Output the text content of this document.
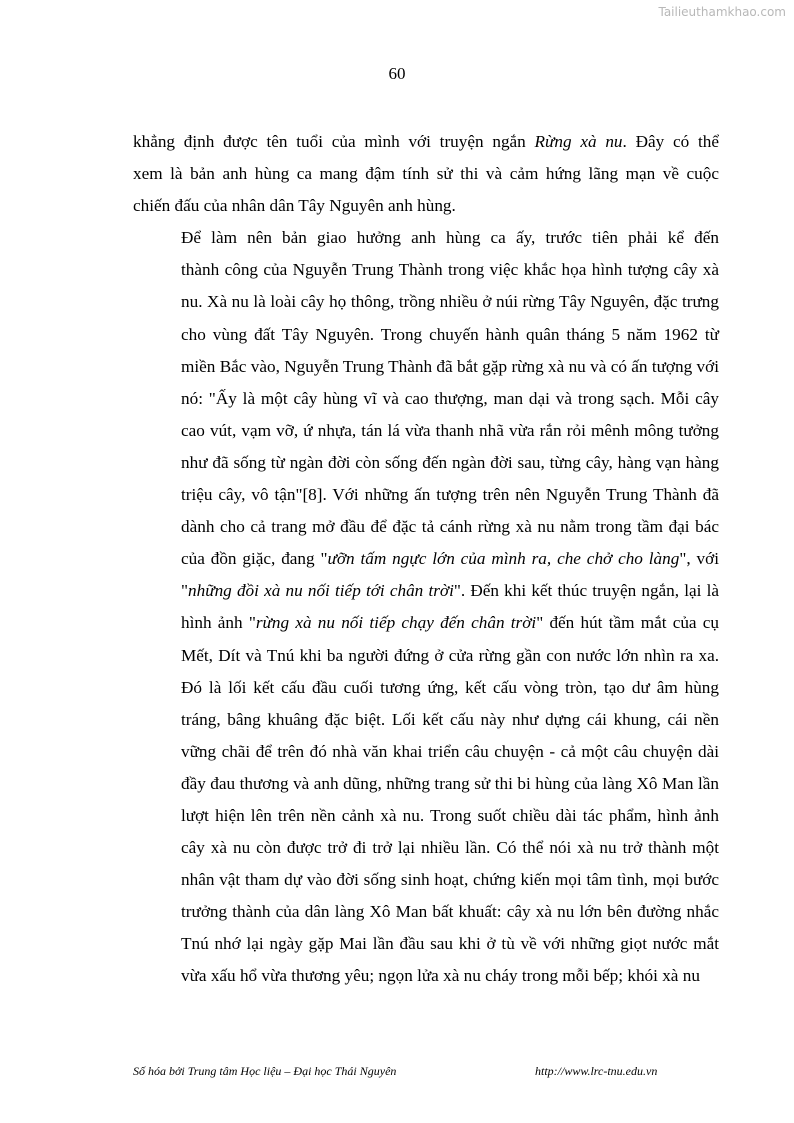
Tailieuthamkhao.com
60

khẳng định được tên tuổi của mình với truyện ngắn Rừng xà nu. Đây có thể
xem là bản anh hùng ca mang đậm tính sử thi và cảm hứng lãng mạn về cuộc
chiến đấu của nhân dân Tây Nguyên anh hùng.

Để làm nên bản giao hưởng anh hùng ca ấy, trước tiên phải kể đến
thành công của Nguyễn Trung Thành trong việc khắc họa hình tượng cây xà
nu. Xà nu là loài cây họ thông, trồng nhiều ở núi rừng Tây Nguyên, đặc trưng
cho vùng đất Tây Nguyên. Trong chuyến hành quân tháng 5 năm 1962 từ
miền Bắc vào, Nguyễn Trung Thành đã bắt gặp rừng xà nu và có ấn tượng với
nó: "Ấy là một cây hùng vĩ và cao thượng, man dại và trong sạch. Mỗi cây
cao vút, vạm vỡ, ứ nhựa, tán lá vừa thanh nhã vừa rắn rỏi mênh mông tưởng
như đã sống từ ngàn đời còn sống đến ngàn đời sau, từng cây, hàng vạn hàng
triệu cây, vô tận"[8]. Với những ấn tượng trên nên Nguyễn Trung Thành đã
dành cho cả trang mở đầu để đặc tả cánh rừng xà nu nằm trong tầm đại bác
của đồn giặc, đang "ưỡn tấm ngực lớn của mình ra, che chở cho làng", với
"những đồi xà nu nối tiếp tới chân trời". Đến khi kết thúc truyện ngắn, lại là
hình ảnh "rừng xà nu nối tiếp chạy đến chân trời" đến hút tầm mắt của cụ
Mết, Dít và Tnú khi ba người đứng ở cửa rừng gần con nước lớn nhìn ra xa.
Đó là lối kết cấu đầu cuối tương ứng, kết cấu vòng tròn, tạo dư âm hùng
tráng, bâng khuâng đặc biệt. Lối kết cấu này như dựng cái khung, cái nền
vững chãi để trên đó nhà văn khai triển câu chuyện - cả một câu chuyện dài
đầy đau thương và anh dũng, những trang sử thi bi hùng của làng Xô Man lần
lượt hiện lên trên nền cảnh xà nu. Trong suốt chiều dài tác phẩm, hình ảnh
cây xà nu còn được trở đi trở lại nhiều lần. Có thể nói xà nu trở thành một
nhân vật tham dự vào đời sống sinh hoạt, chứng kiến mọi tâm tình, mọi bước
trưởng thành của dân làng Xô Man bất khuất: cây xà nu lớn bên đường nhắc
Tnú nhớ lại ngày gặp Mai lần đầu sau khi ở tù về với những giọt nước mắt
vừa xấu hổ vừa thương yêu; ngọn lửa xà nu cháy trong mỗi bếp; khói xà nu

Số hóa bởi Trung tâm Học liệu – Đại học Thái Nguyên	http://www.lrc-tnu.edu.vn
